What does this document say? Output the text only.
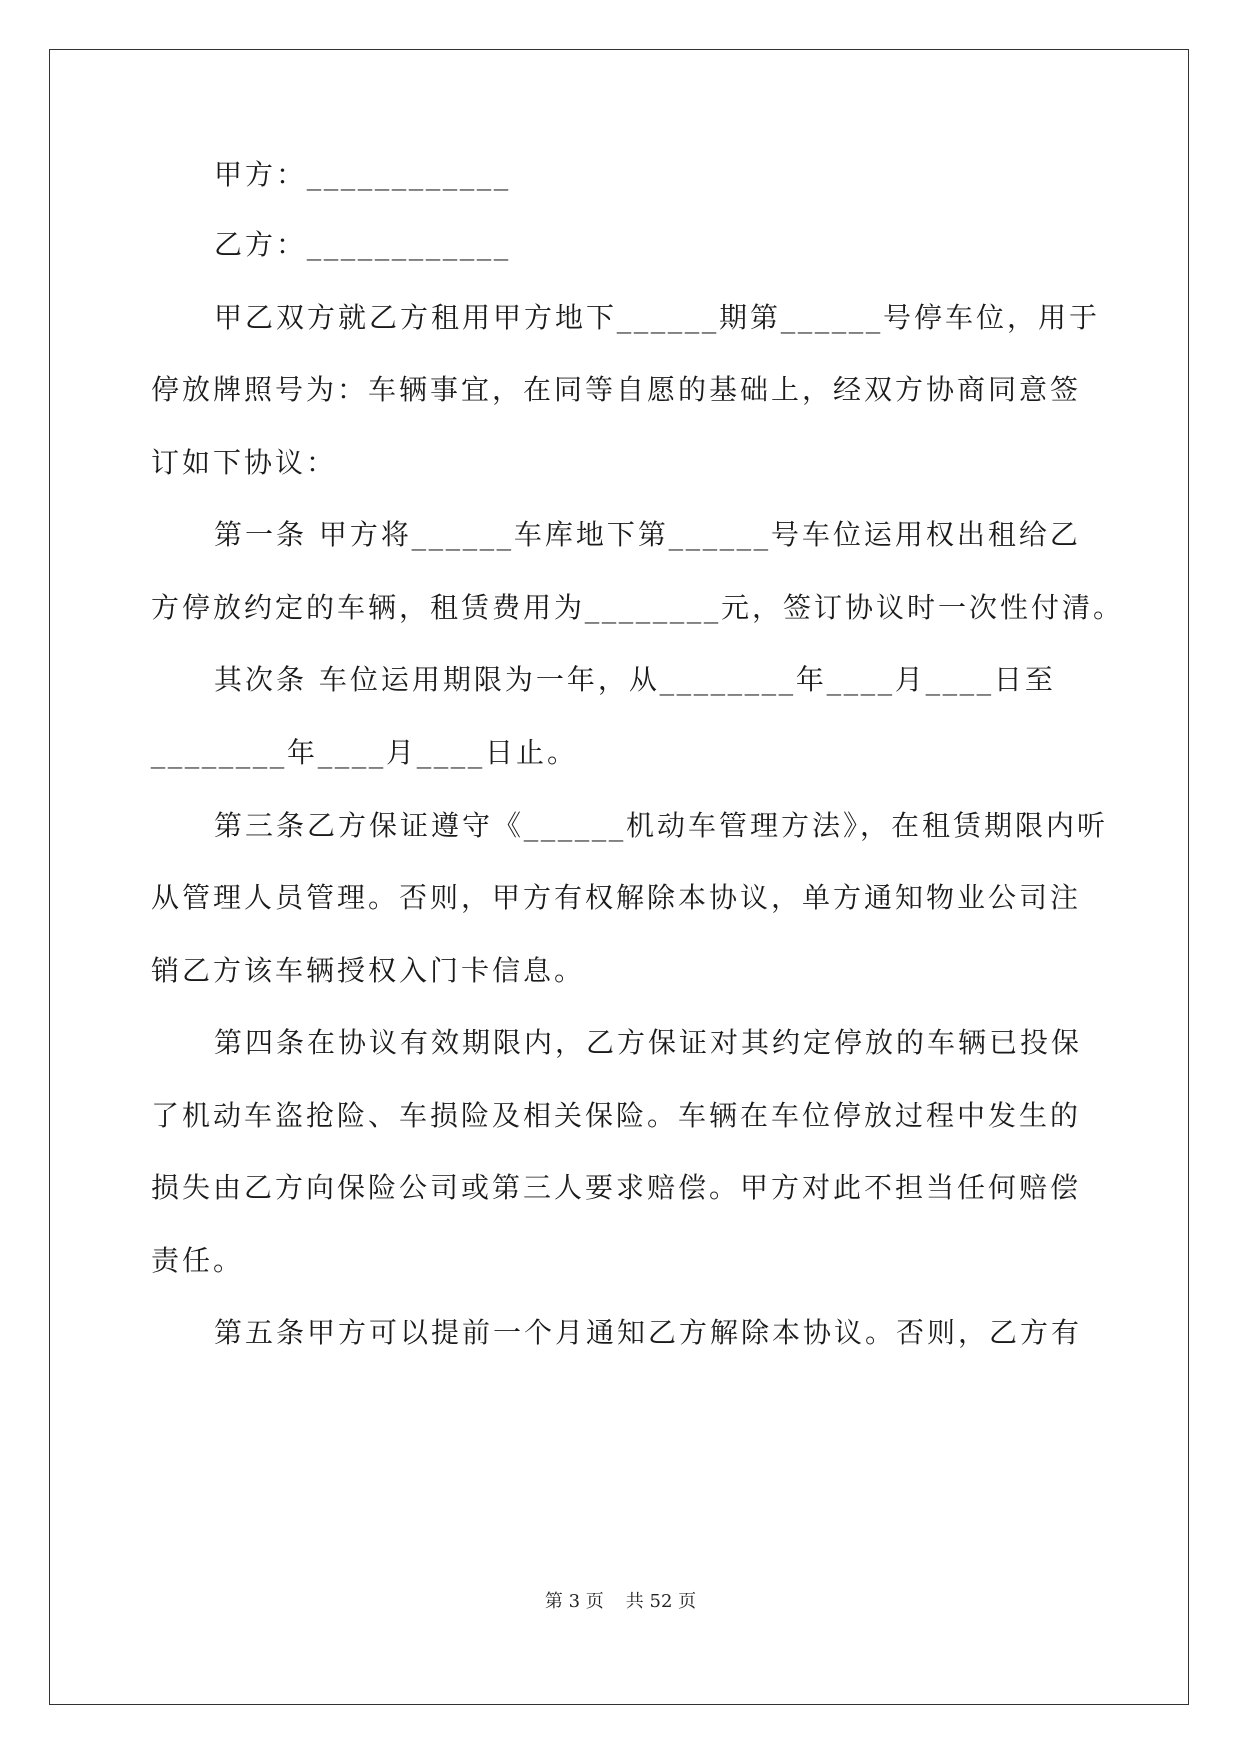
甲方：____________
乙方：____________
甲乙双方就乙方租用甲方地下______期第______号停车位，用于
停放牌照号为：车辆事宜，在同等自愿的基础上，经双方协商同意签
订如下协议：
第一条 甲方将______车库地下第______号车位运用权出租给乙
方停放约定的车辆，租赁费用为________元，签订协议时一次性付清。
其次条 车位运用期限为一年，从________年____月____日至
________年____月____日止。
第三条乙方保证遵守《______机动车管理方法》，在租赁期限内听
从管理人员管理。否则，甲方有权解除本协议，单方通知物业公司注
销乙方该车辆授权入门卡信息。
第四条在协议有效期限内，乙方保证对其约定停放的车辆已投保
了机动车盗抢险、车损险及相关保险。车辆在车位停放过程中发生的
损失由乙方向保险公司或第三人要求赔偿。甲方对此不担当任何赔偿
责任。
第五条甲方可以提前一个月通知乙方解除本协议。否则，乙方有
第 3 页 共 52 页
